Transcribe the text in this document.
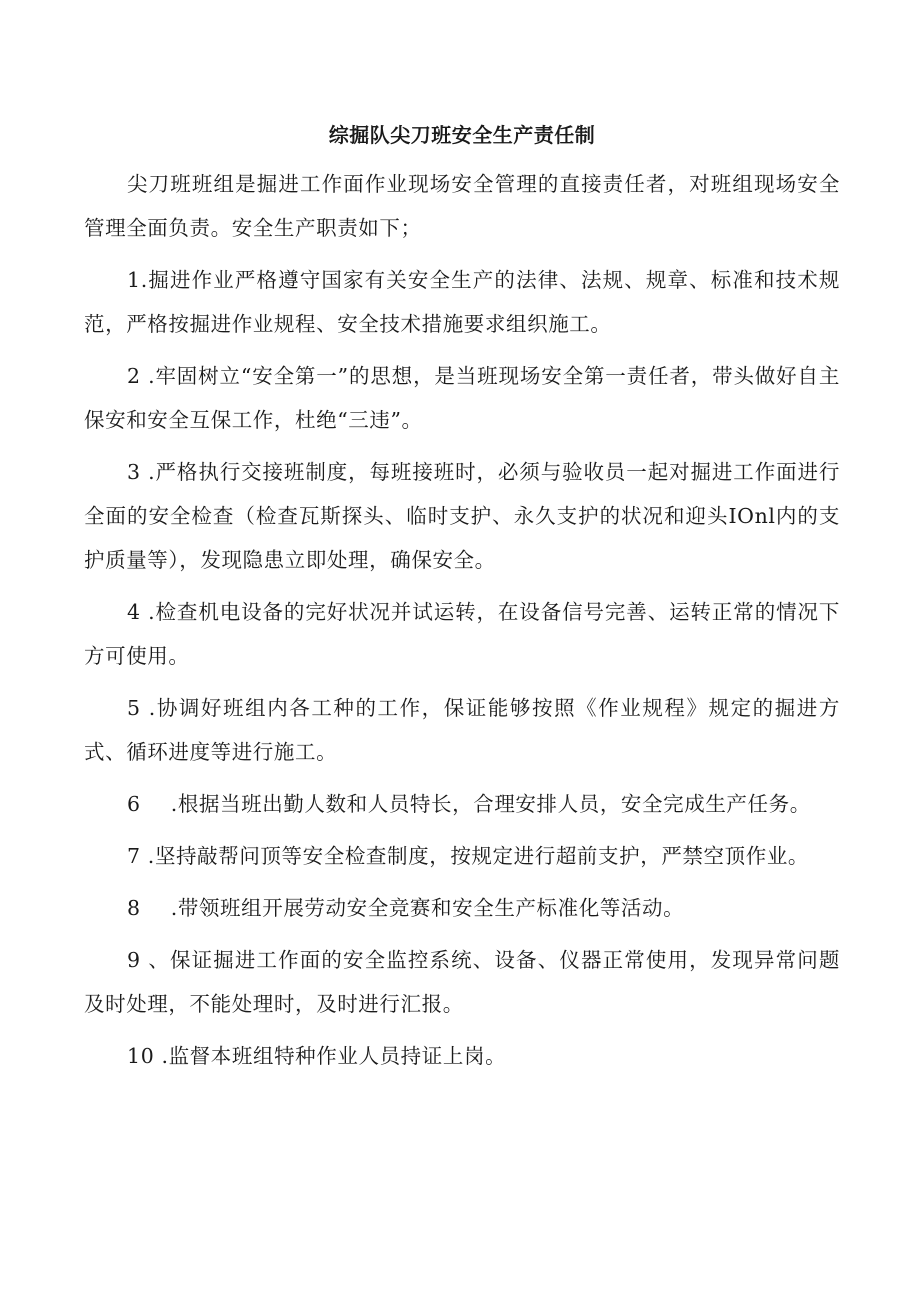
综掘队尖刀班安全生产责任制

尖刀班班组是掘进工作面作业现场安全管理的直接责任者，对班组现场安全管理全面负责。安全生产职责如下；

1.掘进作业严格遵守国家有关安全生产的法律、法规、规章、标准和技术规范，严格按掘进作业规程、安全技术措施要求组织施工。

2 .牢固树立“安全第一”的思想，是当班现场安全第一责任者，带头做好自主保安和安全互保工作，杜绝“三违”。

3 .严格执行交接班制度，每班接班时，必须与验收员一起对掘进工作面进行全面的安全检查（检查瓦斯探头、临时支护、永久支护的状况和迎头IOnl内的支护质量等），发现隐患立即处理，确保安全。

4 .检查机电设备的完好状况并试运转，在设备信号完善、运转正常的情况下方可使用。

5 .协调好班组内各工种的工作，保证能够按照《作业规程》规定的掘进方式、循环进度等进行施工。

6 .根据当班出勤人数和人员特长，合理安排人员，安全完成生产任务。

7 .坚持敲帮问顶等安全检查制度，按规定进行超前支护，严禁空顶作业。

8 .带领班组开展劳动安全竞赛和安全生产标准化等活动。

9 、保证掘进工作面的安全监控系统、设备、仪器正常使用，发现异常问题及时处理，不能处理时，及时进行汇报。

10 .监督本班组特种作业人员持证上岗。
